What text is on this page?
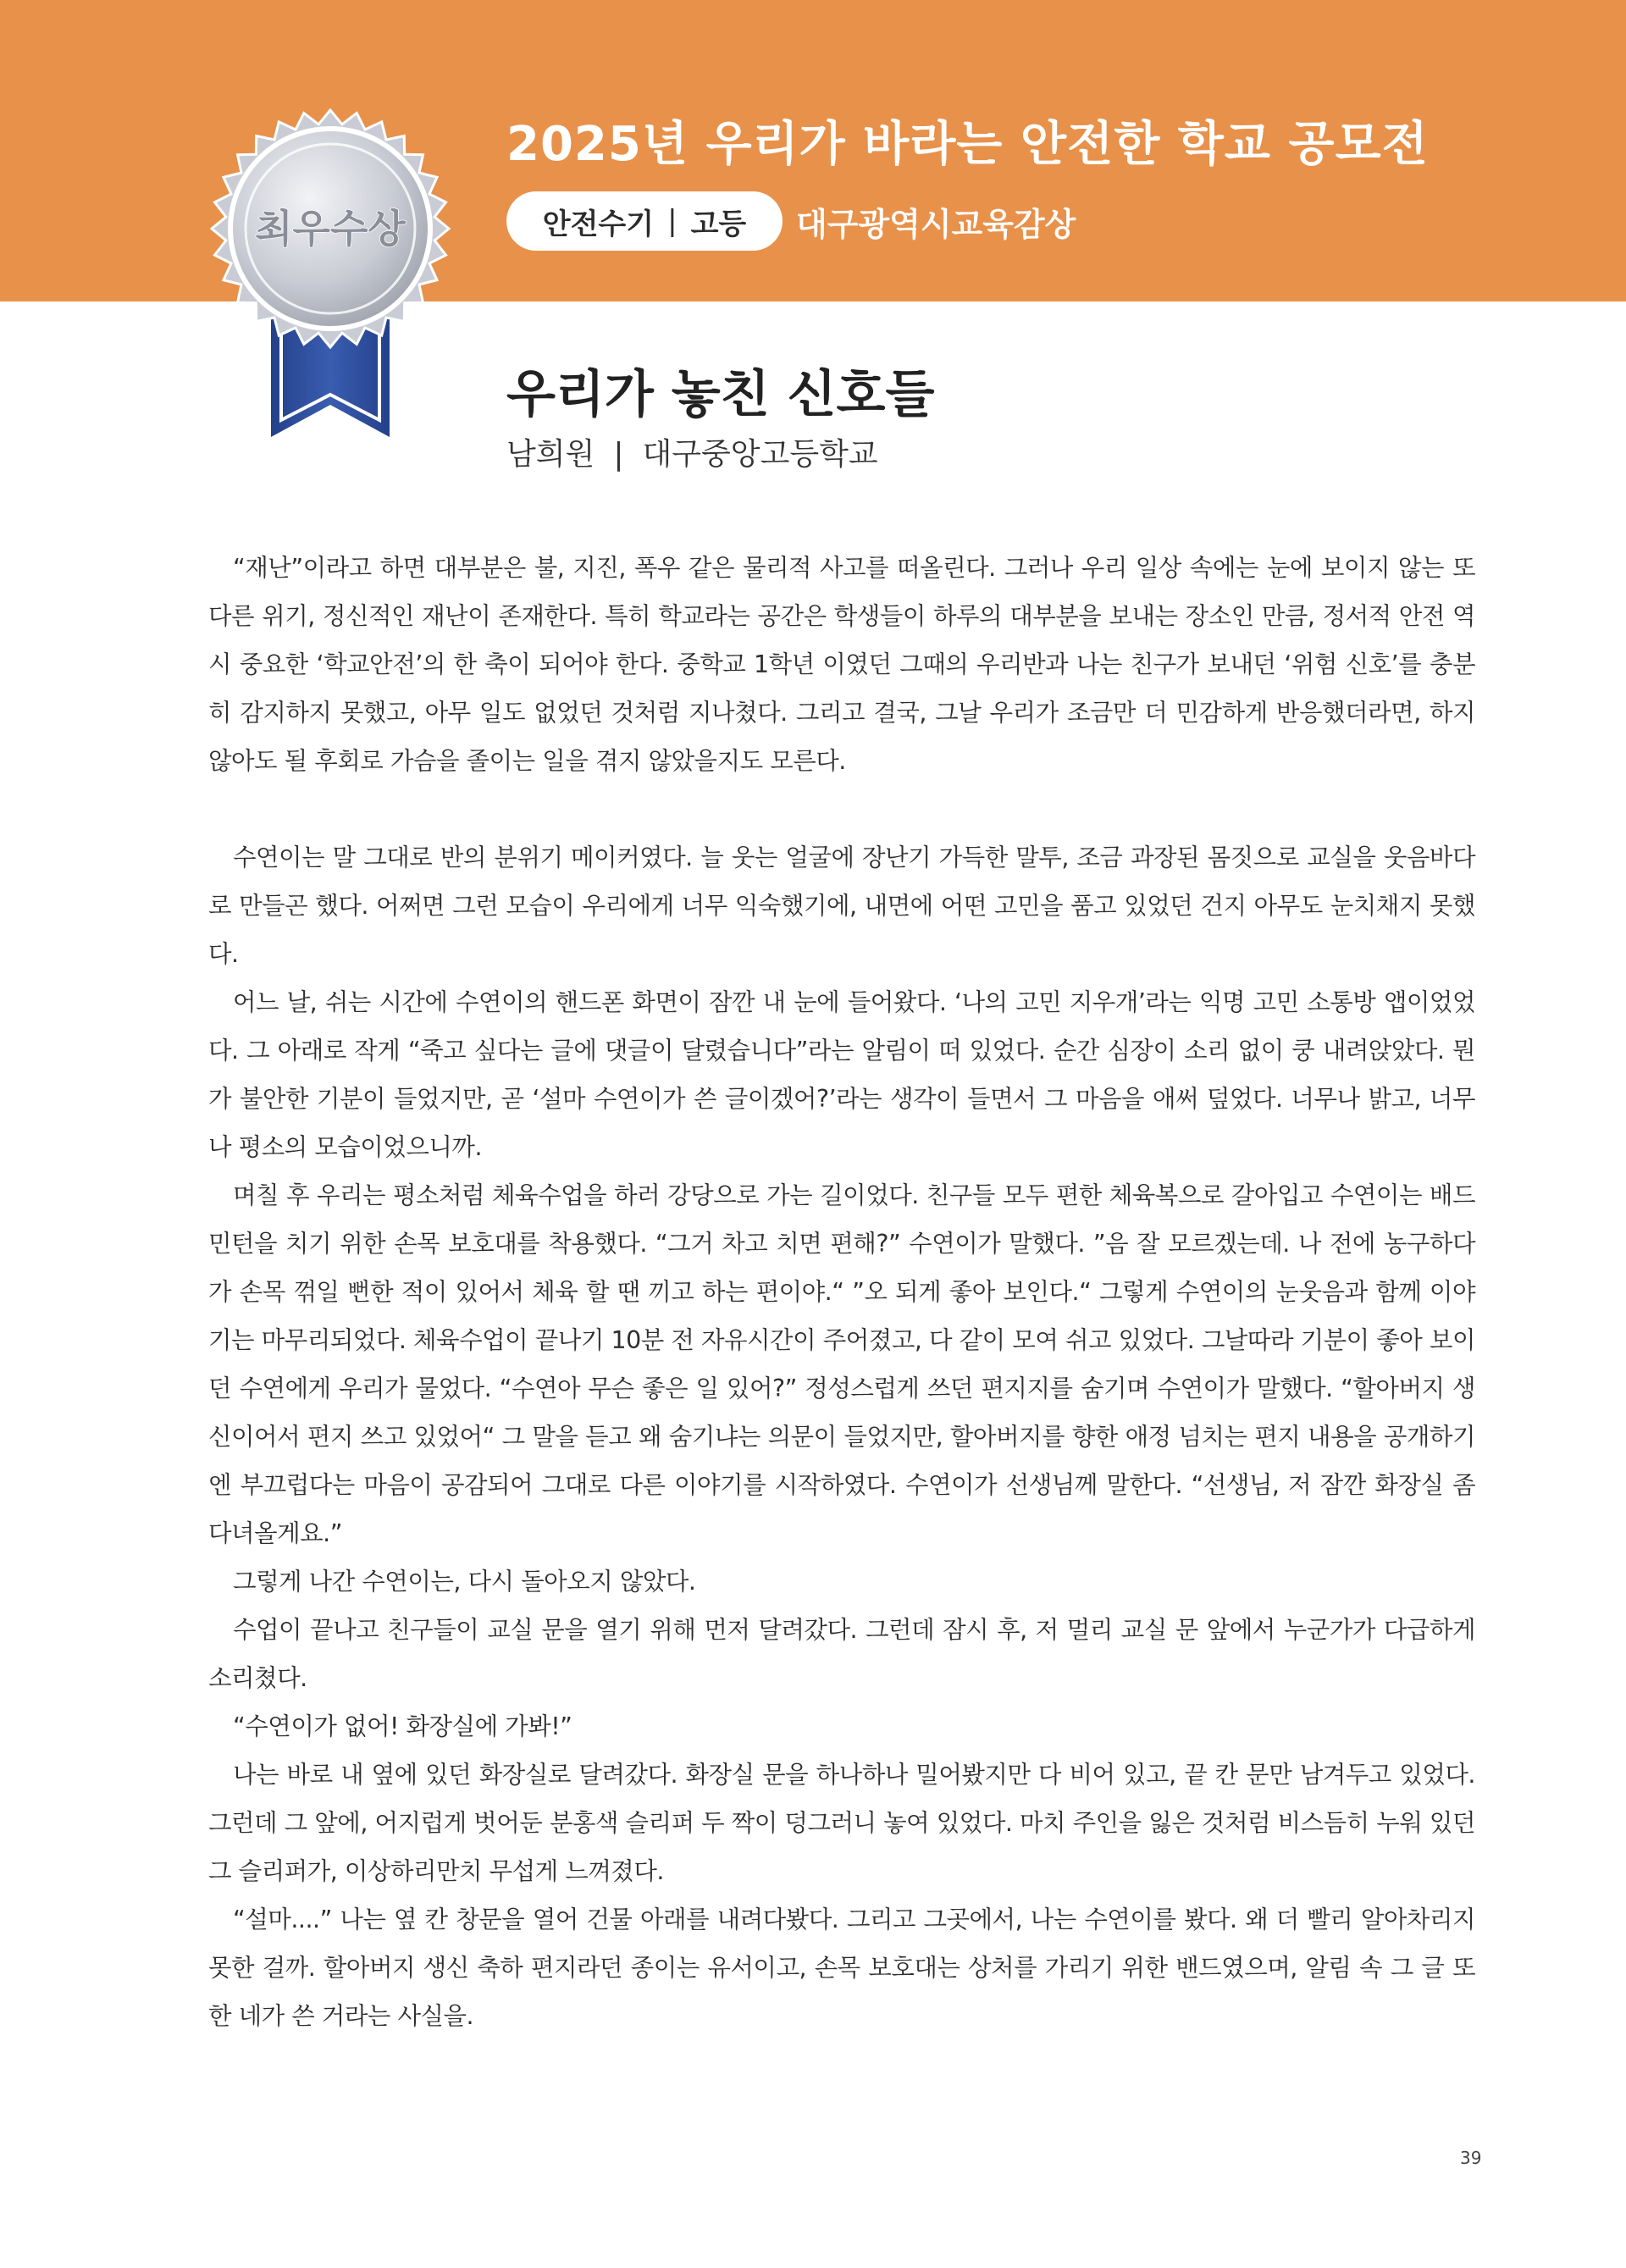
최우수상
2025년 우리가 바라는 안전한 학교 공모전
안전수기 | 고등 대구광역시교육감상
우리가 놓친 신호들
남희원 | 대구중앙고등학교

“재난”이라고 하면 대부분은 불, 지진, 폭우 같은 물리적 사고를 떠올린다. 그러나 우리 일상 속에는 눈에 보이지 않는 또 다른 위기, 정신적인 재난이 존재한다. 특히 학교라는 공간은 학생들이 하루의 대부분을 보내는 장소인 만큼, 정서적 안전 역시 중요한 ‘학교안전’의 한 축이 되어야 한다. 중학교 1학년 이였던 그때의 우리반과 나는 친구가 보내던 ‘위험 신호’를 충분히 감지하지 못했고, 아무 일도 없었던 것처럼 지나쳤다. 그리고 결국, 그날 우리가 조금만 더 민감하게 반응했더라면, 하지 않아도 될 후회로 가슴을 졸이는 일을 겪지 않았을지도 모른다.

수연이는 말 그대로 반의 분위기 메이커였다. 늘 웃는 얼굴에 장난기 가득한 말투, 조금 과장된 몸짓으로 교실을 웃음바다로 만들곤 했다. 어쩌면 그런 모습이 우리에게 너무 익숙했기에, 내면에 어떤 고민을 품고 있었던 건지 아무도 눈치채지 못했다.

어느 날, 쉬는 시간에 수연이의 핸드폰 화면이 잠깐 내 눈에 들어왔다. ‘나의 고민 지우개’라는 익명 고민 소통방 앱이었었다. 그 아래로 작게 “죽고 싶다는 글에 댓글이 달렸습니다”라는 알림이 떠 있었다. 순간 심장이 소리 없이 쿵 내려앉았다. 뭔가 불안한 기분이 들었지만, 곧 ‘설마 수연이가 쓴 글이겠어?’라는 생각이 들면서 그 마음을 애써 덮었다. 너무나 밝고, 너무나 평소의 모습이었으니까.

며칠 후 우리는 평소처럼 체육수업을 하러 강당으로 가는 길이었다. 친구들 모두 편한 체육복으로 갈아입고 수연이는 배드민턴을 치기 위한 손목 보호대를 착용했다. “그거 차고 치면 편해?” 수연이가 말했다. ”음 잘 모르겠는데. 나 전에 농구하다가 손목 꺾일 뻔한 적이 있어서 체육 할 땐 끼고 하는 편이야.“ ”오 되게 좋아 보인다.“ 그렇게 수연이의 눈웃음과 함께 이야기는 마무리되었다. 체육수업이 끝나기 10분 전 자유시간이 주어졌고, 다 같이 모여 쉬고 있었다. 그날따라 기분이 좋아 보이던 수연에게 우리가 물었다. “수연아 무슨 좋은 일 있어?” 정성스럽게 쓰던 편지지를 숨기며 수연이가 말했다. “할아버지 생신이어서 편지 쓰고 있었어“ 그 말을 듣고 왜 숨기냐는 의문이 들었지만, 할아버지를 향한 애정 넘치는 편지 내용을 공개하기엔 부끄럽다는 마음이 공감되어 그대로 다른 이야기를 시작하였다. 수연이가 선생님께 말한다. “선생님, 저 잠깐 화장실 좀 다녀올게요.”

그렇게 나간 수연이는, 다시 돌아오지 않았다.

수업이 끝나고 친구들이 교실 문을 열기 위해 먼저 달려갔다. 그런데 잠시 후, 저 멀리 교실 문 앞에서 누군가가 다급하게 소리쳤다.

“수연이가 없어! 화장실에 가봐!”

나는 바로 내 옆에 있던 화장실로 달려갔다. 화장실 문을 하나하나 밀어봤지만 다 비어 있고, 끝 칸 문만 남겨두고 있었다. 그런데 그 앞에, 어지럽게 벗어둔 분홍색 슬리퍼 두 짝이 덩그러니 놓여 있었다. 마치 주인을 잃은 것처럼 비스듬히 누워 있던 그 슬리퍼가, 이상하리만치 무섭게 느껴졌다.

“설마....” 나는 옆 칸 창문을 열어 건물 아래를 내려다봤다. 그리고 그곳에서, 나는 수연이를 봤다. 왜 더 빨리 알아차리지 못한 걸까. 할아버지 생신 축하 편지라던 종이는 유서이고, 손목 보호대는 상처를 가리기 위한 밴드였으며, 알림 속 그 글 또한 네가 쓴 거라는 사실을.

39
